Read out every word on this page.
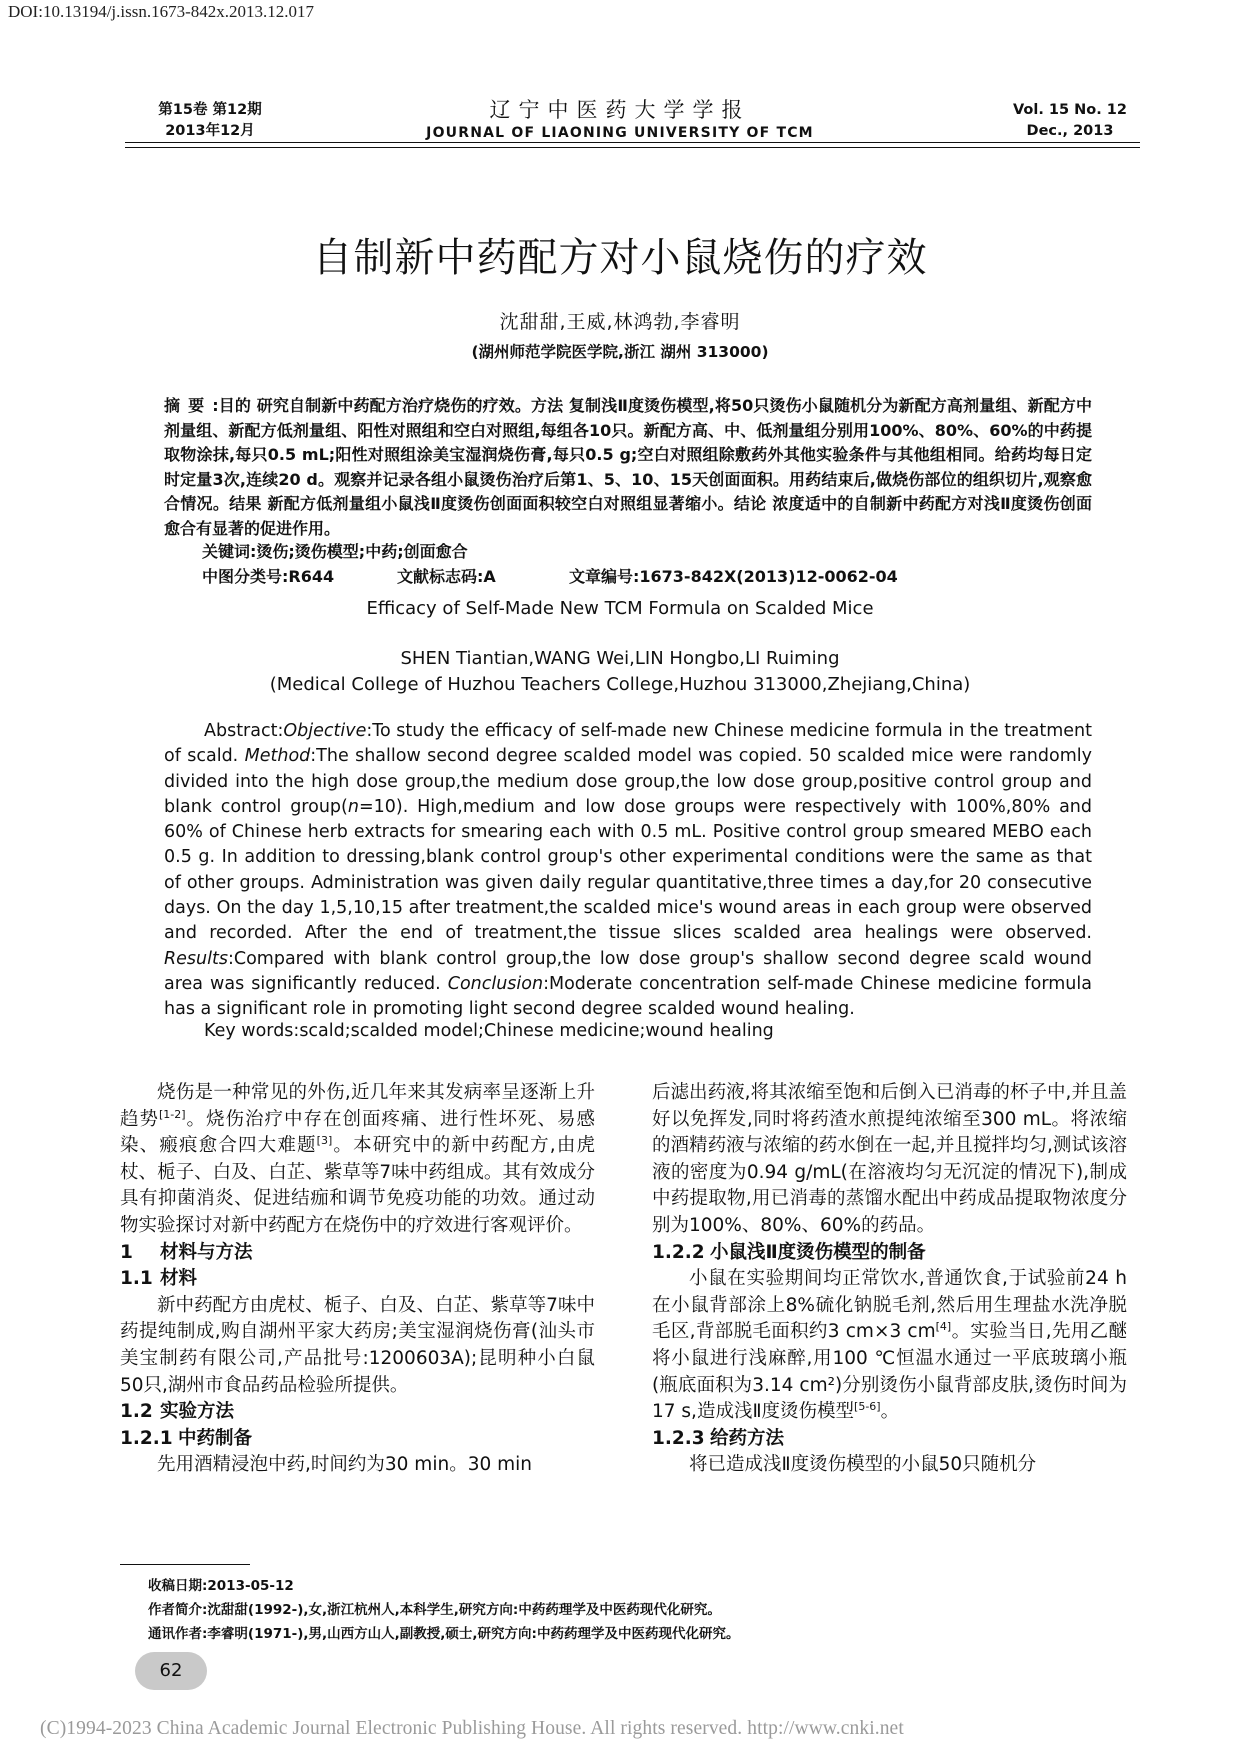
DOI:10.13194/j.issn.1673-842x.2013.12.017
第15卷 第12期
2013年12月
辽宁中医药大学学报
JOURNAL OF LIAONING UNIVERSITY OF TCM
Vol. 15 No. 12
Dec., 2013
自制新中药配方对小鼠烧伤的疗效
沈甜甜,王威,林鸿勃,李睿明
(湖州师范学院医学院,浙江 湖州 313000)
摘要:目的 研究自制新中药配方治疗烧伤的疗效。方法 复制浅Ⅱ度烫伤模型,将50只烫伤小鼠随机分为新配方高剂量组、新配方中剂量组、新配方低剂量组、阳性对照组和空白对照组,每组各10只。新配方高、中、低剂量组分别用100%、80%、60%的中药提取物涂抹,每只0.5 mL;阳性对照组涂美宝湿润烧伤膏,每只0.5 g;空白对照组除敷药外其他实验条件与其他组相同。给药均每日定时定量3次,连续20 d。观察并记录各组小鼠烫伤治疗后第1、5、10、15天创面面积。用药结束后,做烧伤部位的组织切片,观察愈合情况。结果 新配方低剂量组小鼠浅Ⅱ度烫伤创面面积较空白对照组显著缩小。结论 浓度适中的自制新中药配方对浅Ⅱ度烫伤创面愈合有显著的促进作用。
关键词:烫伤;烫伤模型;中药;创面愈合
中图分类号:R644	文献标志码:A	文章编号:1673-842X(2013)12-0062-04
Efficacy of Self-Made New TCM Formula on Scalded Mice
SHEN Tiantian,WANG Wei,LIN Hongbo,LI Ruiming
(Medical College of Huzhou Teachers College,Huzhou 313000,Zhejiang,China)

Abstract:Objective:To study the efficacy of self-made new Chinese medicine formula in the treatment of scald. Method:The shallow second degree scalded model was copied. 50 scalded mice were randomly divided into the high dose group,the medium dose group,the low dose group,positive control group and blank control group(n=10). High,medium and low dose groups were respectively with 100%,80% and 60% of Chinese herb extracts for smearing each with 0.5 mL. Positive control group smeared MEBO each 0.5 g. In addition to dressing,blank control group's other experimental conditions were the same as that of other groups. Administration was given daily regular quantitative,three times a day,for 20 consecutive days. On the day 1,5,10,15 after treatment,the scalded mice's wound areas in each group were observed and recorded. After the end of treatment,the tissue slices scalded area healings were observed. Results:Compared with blank control group,the low dose group's shallow second degree scald wound area was significantly reduced. Conclusion:Moderate concentration self-made Chinese medicine formula has a significant role in promoting light second degree scalded wound healing.

Key words:scald;scalded model;Chinese medicine;wound healing

烧伤是一种常见的外伤,近几年来其发病率呈逐渐上升趋势[1-2]。烧伤治疗中存在创面疼痛、进行性坏死、易感染、瘢痕愈合四大难题[3]。本研究中的新中药配方,由虎杖、栀子、白及、白芷、紫草等7味中药组成。其有效成分具有抑菌消炎、促进结痂和调节免疫功能的功效。通过动物实验探讨对新中药配方在烧伤中的疗效进行客观评价。

1 材料与方法

1.1 材料

新中药配方由虎杖、栀子、白及、白芷、紫草等7味中药提纯制成,购自湖州平家大药房;美宝湿润烧伤膏(汕头市美宝制药有限公司,产品批号:1200603A);昆明种小白鼠50只,湖州市食品药品检验所提供。

1.2 实验方法

1.2.1 中药制备

先用酒精浸泡中药,时间约为30 min。30 min

后滤出药液,将其浓缩至饱和后倒入已消毒的杯子中,并且盖好以免挥发,同时将药渣水煎提纯浓缩至300 mL。将浓缩的酒精药液与浓缩的药水倒在一起,并且搅拌均匀,测试该溶液的密度为0.94 g/mL(在溶液均匀无沉淀的情况下),制成中药提取物,用已消毒的蒸馏水配出中药成品提取物浓度分别为100%、80%、60%的药品。

1.2.2 小鼠浅Ⅱ度烫伤模型的制备

小鼠在实验期间均正常饮水,普通饮食,于试验前24 h在小鼠背部涂上8%硫化钠脱毛剂,然后用生理盐水洗净脱毛区,背部脱毛面积约3 cm×3 cm[4]。实验当日,先用乙醚将小鼠进行浅麻醉,用100 ℃恒温水通过一平底玻璃小瓶(瓶底面积为3.14 cm²)分别烫伤小鼠背部皮肤,烫伤时间为17 s,造成浅Ⅱ度烫伤模型[5-6]。

1.2.3 给药方法

将已造成浅Ⅱ度烫伤模型的小鼠50只随机分

收稿日期:2013-05-12
作者简介:沈甜甜(1992-),女,浙江杭州人,本科学生,研究方向:中药药理学及中医药现代化研究。
通讯作者:李睿明(1971-),男,山西方山人,副教授,硕士,研究方向:中药药理学及中医药现代化研究。
62
(C)1994-2023 China Academic Journal Electronic Publishing House. All rights reserved. http://www.cnki.net
